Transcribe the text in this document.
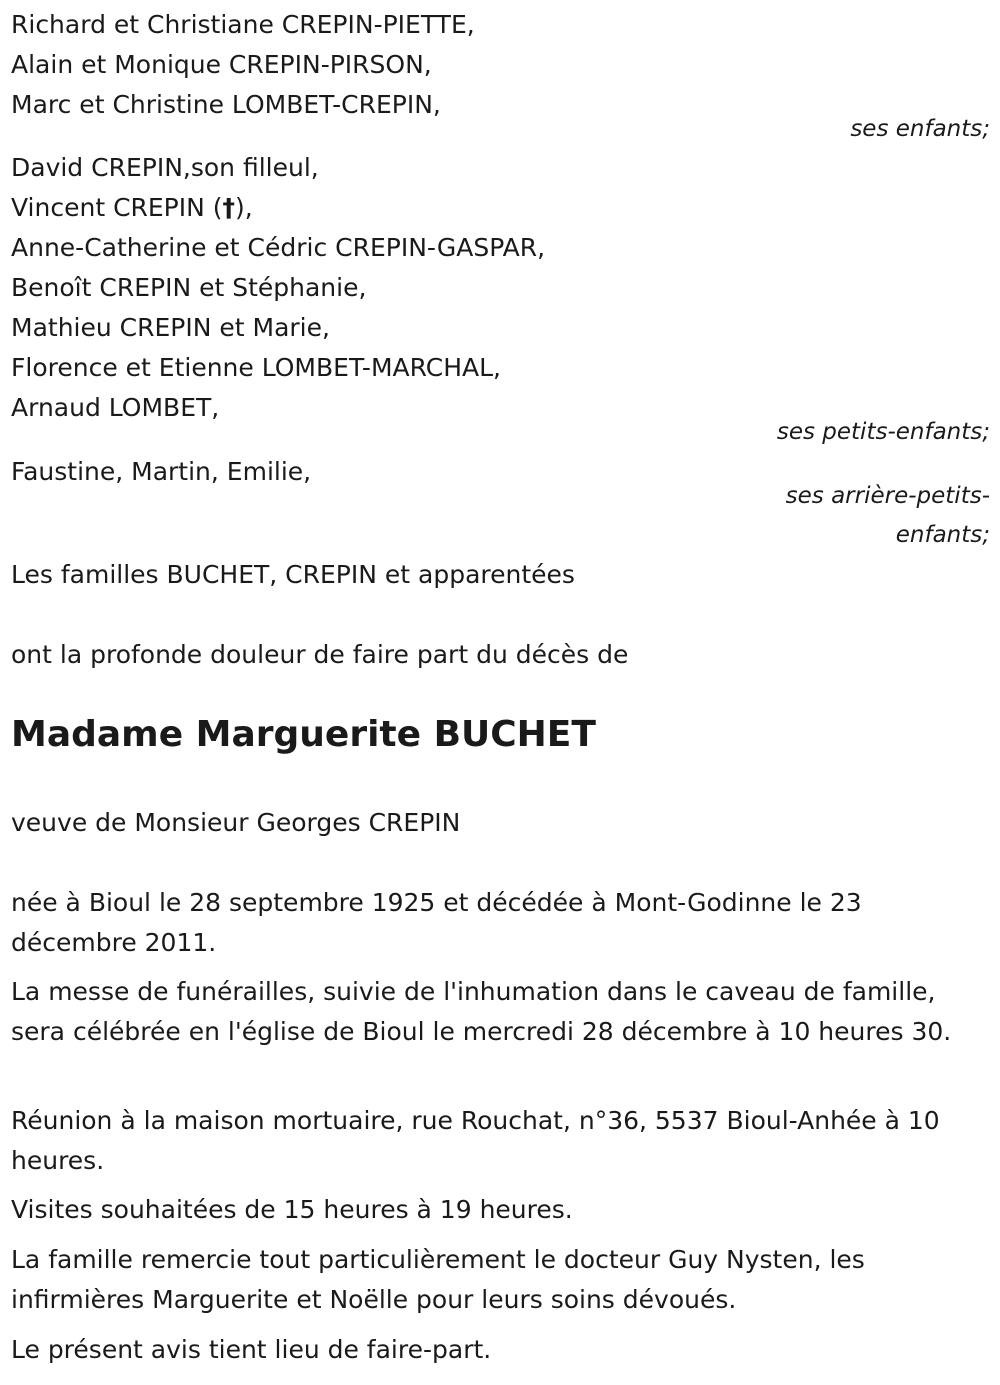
Richard et Christiane CREPIN-PIETTE,
Alain et Monique CREPIN-PIRSON,
Marc et Christine LOMBET-CREPIN,
ses enfants;
David CREPIN,son filleul,
Vincent CREPIN (†),
Anne-Catherine et Cédric CREPIN-GASPAR,
Benoît CREPIN et Stéphanie,
Mathieu CREPIN et Marie,
Florence et Etienne LOMBET-MARCHAL,
Arnaud LOMBET,
ses petits-enfants;
Faustine, Martin, Emilie,
ses arrière-petits-
enfants;
Les familles BUCHET, CREPIN et apparentées
ont la profonde douleur de faire part du décès de
Madame Marguerite BUCHET
veuve de Monsieur Georges CREPIN
née à Bioul le 28 septembre 1925 et décédée à Mont-Godinne le 23 décembre 2011.
La messe de funérailles, suivie de l'inhumation dans le caveau de famille, sera célébrée en l'église de Bioul le mercredi 28 décembre à 10 heures 30.
Réunion à la maison mortuaire, rue Rouchat, n°36, 5537 Bioul-Anhée à 10 heures.
Visites souhaitées de 15 heures à 19 heures.
La famille remercie tout particulièrement le docteur Guy Nysten, les infirmières Marguerite et Noëlle pour leurs soins dévoués.
Le présent avis tient lieu de faire-part.
